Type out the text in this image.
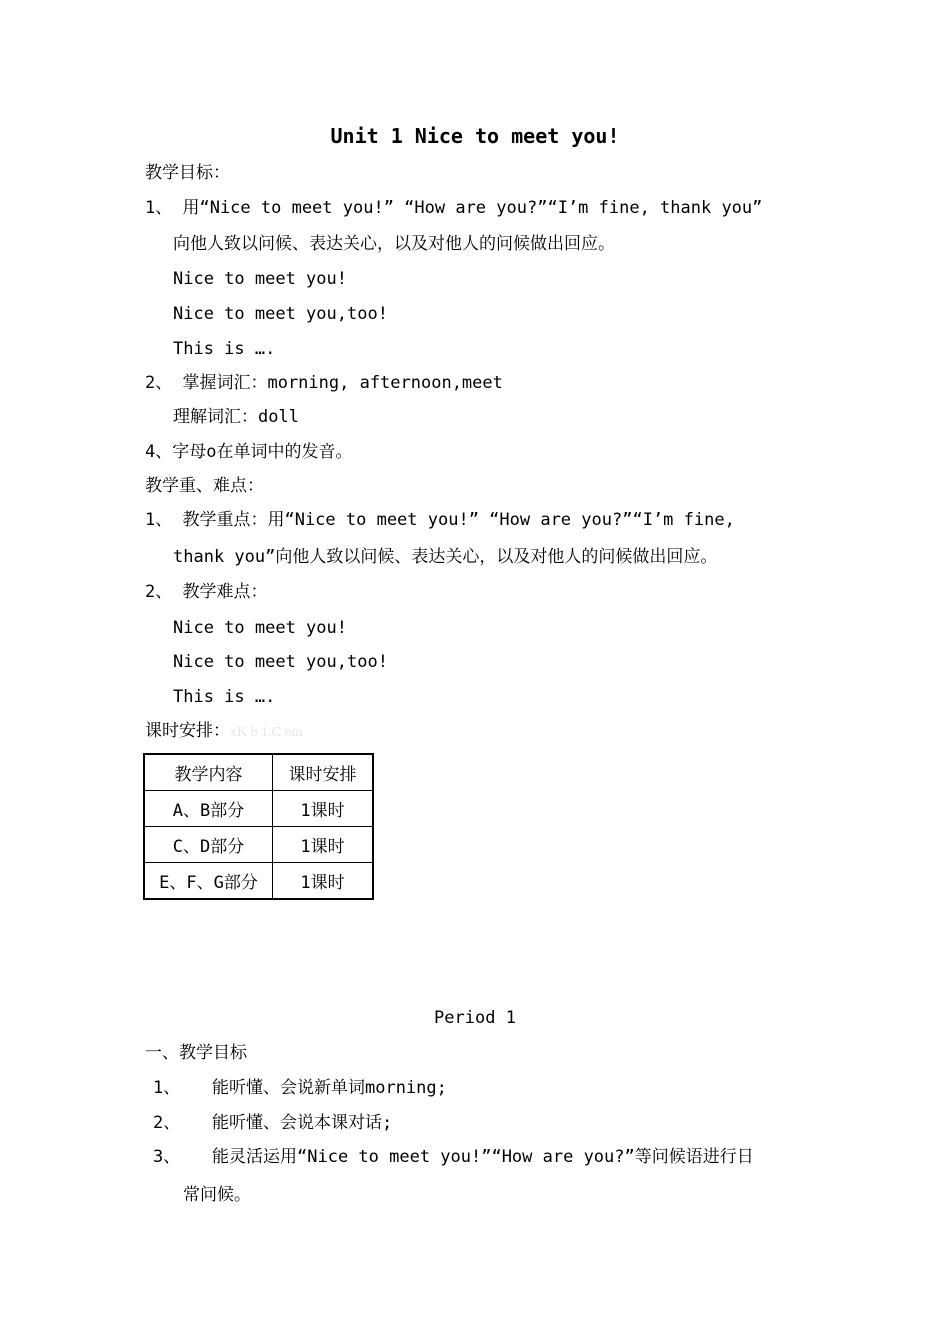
Unit 1 Nice to meet you!
教学目标：
1、 用“Nice to meet you!” “How are you?”“I’m fine, thank you”
向他人致以问候、表达关心，以及对他人的问候做出回应。
Nice to meet you!
Nice to meet you,too!
This is ….
2、 掌握词汇：morning, afternoon,meet
理解词汇：doll
4、字母o在单词中的发音。
教学重、难点：
1、 教学重点：用“Nice to meet you!” “How are you?”“I’m fine,
thank you”向他人致以问候、表达关心，以及对他人的问候做出回应。
2、 教学难点：
Nice to meet you!
Nice to meet you,too!
This is ….
课时安排：xK b 1.C om
教学内容	课时安排
A、B部分	1课时
C、D部分	1课时
E、F、G部分	1课时
Period 1
一、教学目标
1、 能听懂、会说新单词morning;
2、 能听懂、会说本课对话;
3、 能灵活运用“Nice to meet you!”“How are you?”等问候语进行日
常问候。
